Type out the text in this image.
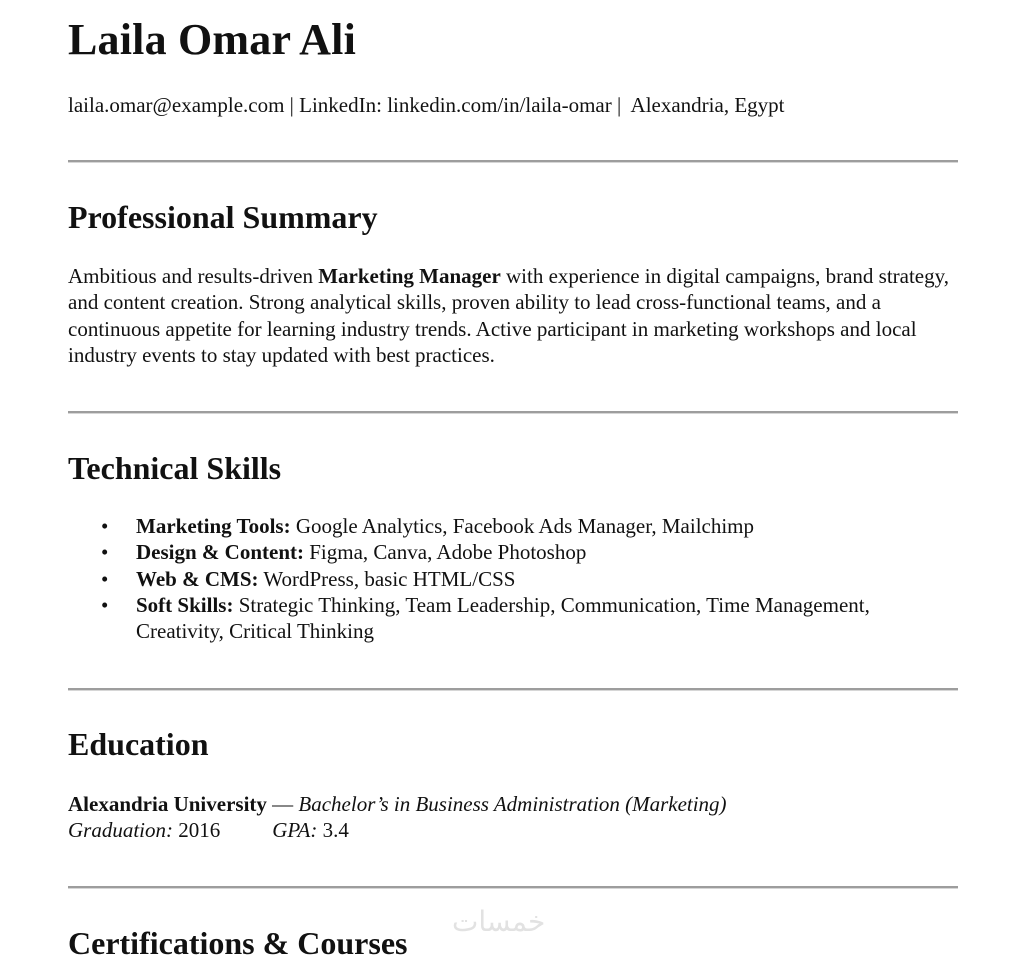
Laila Omar Ali
laila.omar@example.com | LinkedIn: linkedin.com/in/laila-omar |  Alexandria, Egypt
Professional Summary

Ambitious and results-driven Marketing Manager with experience in digital campaigns, brand strategy, and content creation. Strong analytical skills, proven ability to lead cross-functional teams, and a continuous appetite for learning industry trends. Active participant in marketing workshops and local industry events to stay updated with best practices.

Technical Skills
• Marketing Tools: Google Analytics, Facebook Ads Manager, Mailchimp
• Design & Content: Figma, Canva, Adobe Photoshop
• Web & CMS: WordPress, basic HTML/CSS
• Soft Skills: Strategic Thinking, Team Leadership, Communication, Time Management, Creativity, Critical Thinking
Education
Alexandria University — Bachelor’s in Business Administration (Marketing)
Graduation: 2016 GPA: 3.4
Certifications & Courses
خمسات
